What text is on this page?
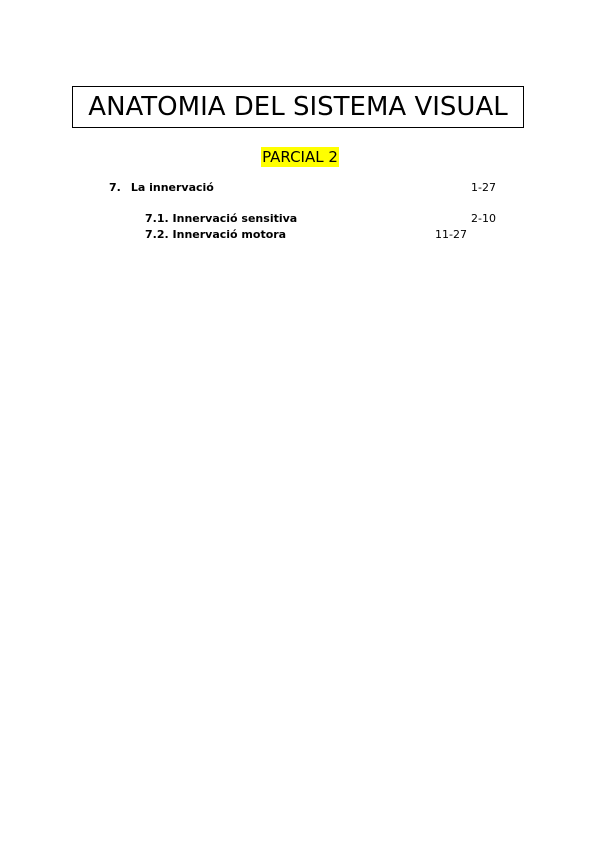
ANATOMIA DEL SISTEMA VISUAL
PARCIAL 2
7. La innervació	1-27
7.1. Innervació sensitiva	2-10
7.2. Innervació motora	11-27
